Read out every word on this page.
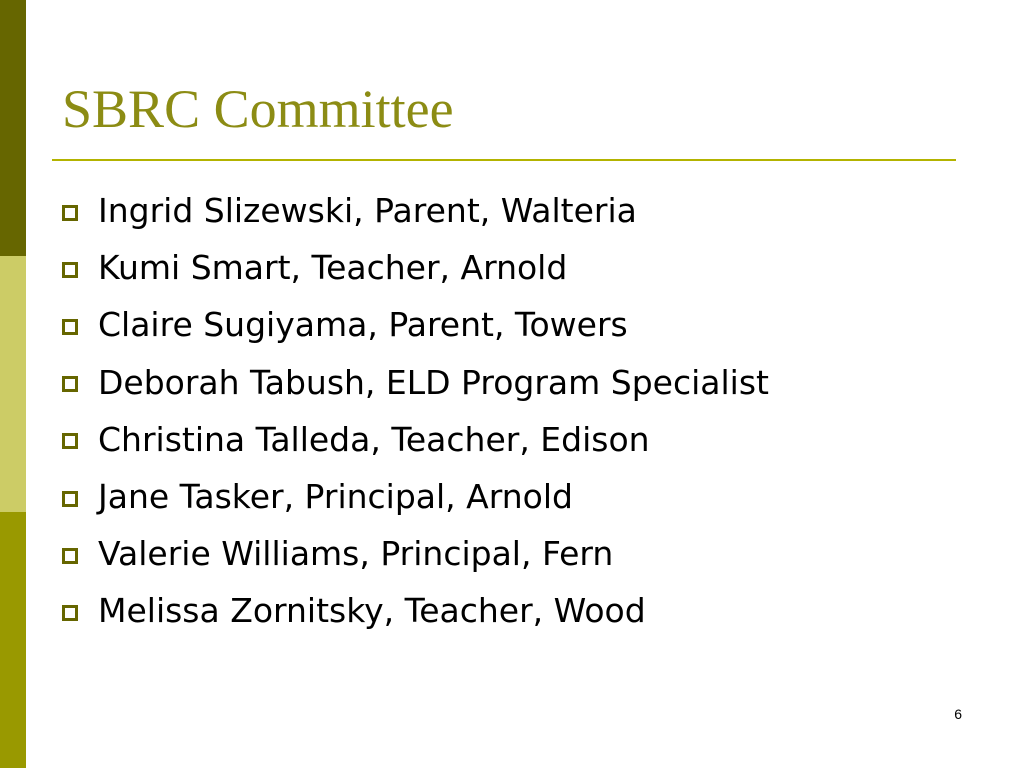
SBRC Committee
Ingrid Slizewski, Parent, Walteria
Kumi Smart, Teacher, Arnold
Claire Sugiyama, Parent, Towers
Deborah Tabush, ELD Program Specialist
Christina Talleda, Teacher, Edison
Jane Tasker, Principal, Arnold
Valerie Williams, Principal, Fern
Melissa Zornitsky, Teacher, Wood
6
